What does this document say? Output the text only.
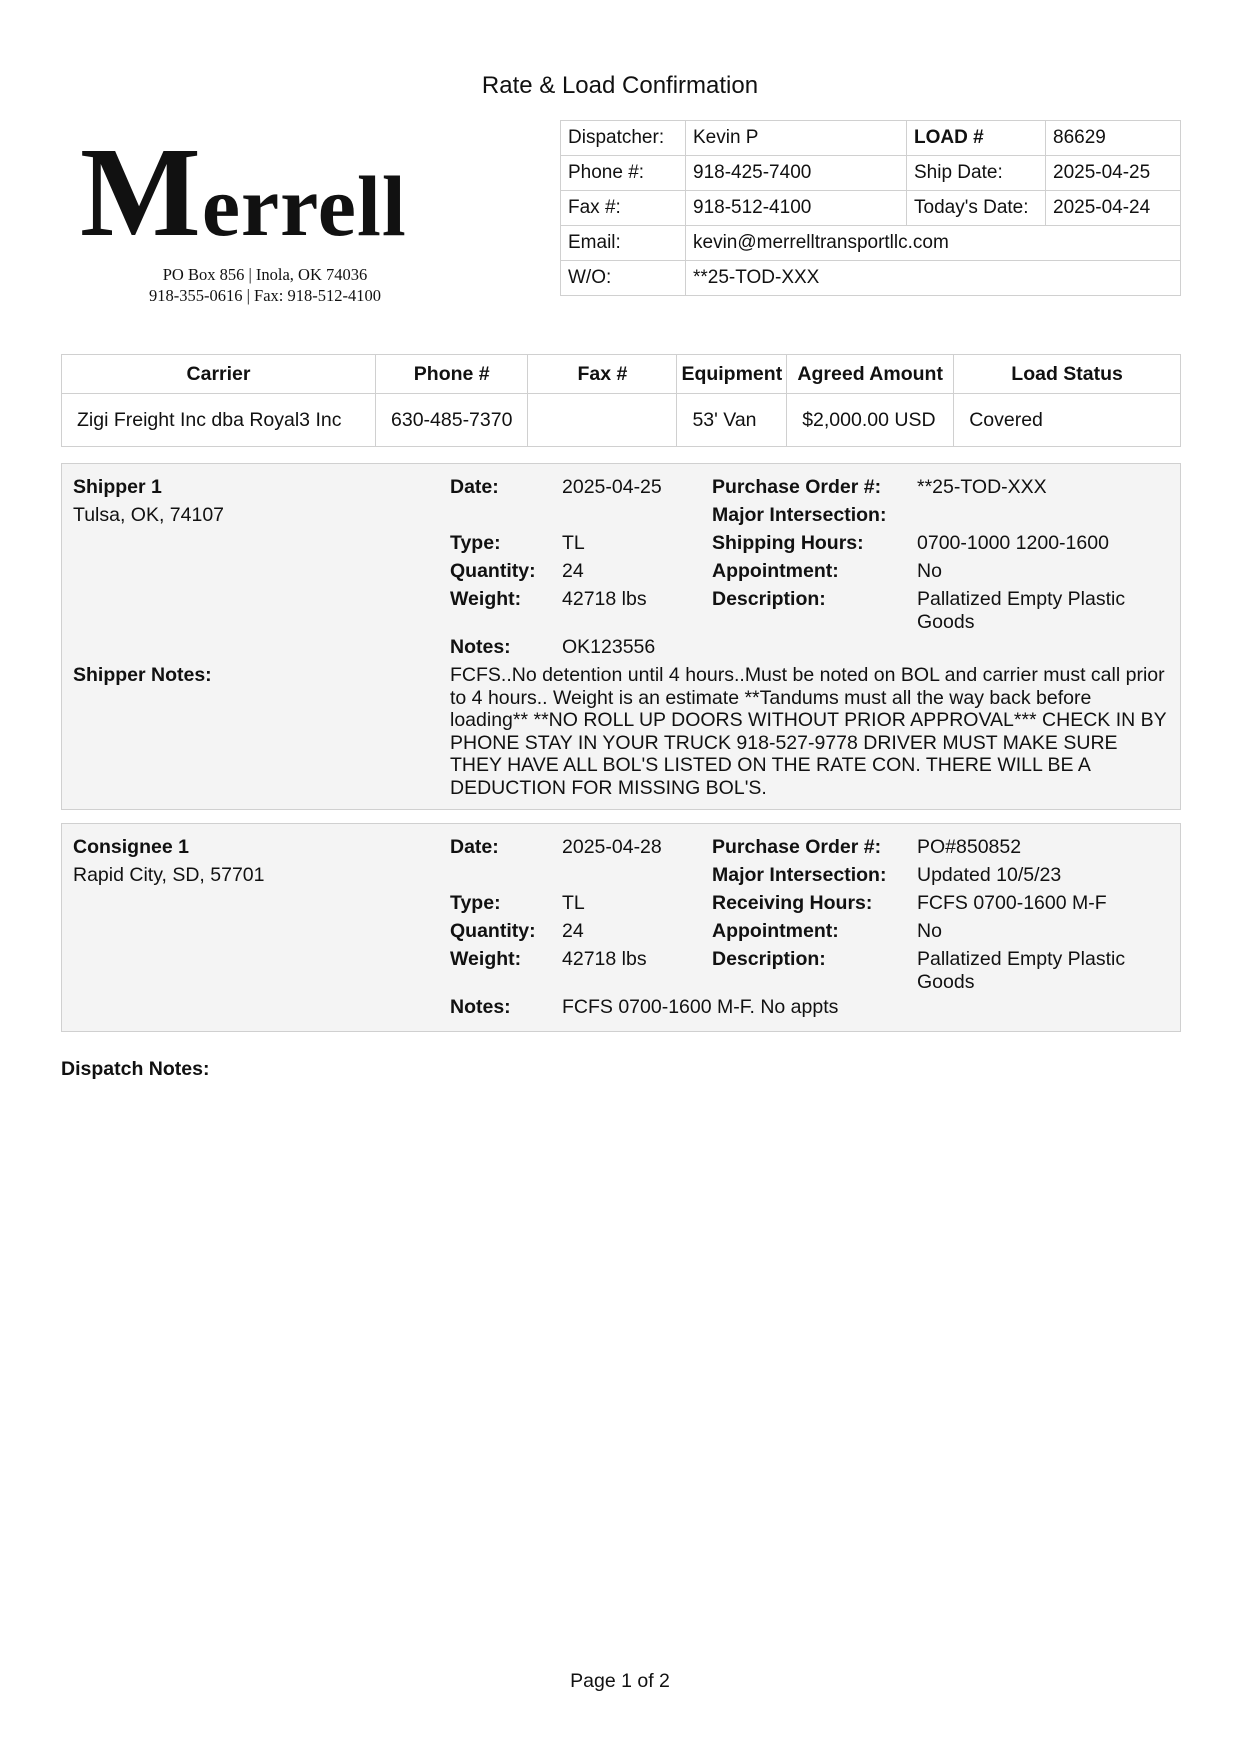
Rate & Load Confirmation
Merrell
PO Box 856 | Inola, OK 74036
918-355-0616 | Fax: 918-512-4100
Dispatcher:	Kevin P	LOAD #	86629
Phone #:	918-425-7400	Ship Date:	2025-04-25
Fax #:	918-512-4100	Today's Date:	2025-04-24
Email:	kevin@merrelltransportllc.com		
W/O:	**25-TOD-XXX		
Carrier	Phone #	Fax #	Equipment	Agreed Amount	Load Status
Zigi Freight Inc dba Royal3 Inc	630-485-7370		53' Van	$2,000.00 USD	Covered
Shipper 1
Tulsa, OK, 74107
Date:	2025-04-25	Purchase Order #: **25-TOD-XXX
Major Intersection:
Type:	TL	Shipping Hours:	0700-1000 1200-1600
Quantity: 24	Appointment:	No
Weight: 42718 lbs	Description:	Pallatized Empty Plastic Goods
Notes:	OK123556
Shipper Notes:	FCFS..No detention until 4 hours..Must be noted on BOL and carrier must call prior to 4 hours.. Weight is an estimate **Tandums must all the way back before loading** **NO ROLL UP DOORS WITHOUT PRIOR APPROVAL*** CHECK IN BY PHONE STAY IN YOUR TRUCK 918-527-9778 DRIVER MUST MAKE SURE THEY HAVE ALL BOL'S LISTED ON THE RATE CON. THERE WILL BE A DEDUCTION FOR MISSING BOL'S.
Consignee 1
Rapid City, SD, 57701
Date:	2025-04-28	Purchase Order #: PO#850852
Major Intersection: Updated 10/5/23
Type:	TL	Receiving Hours: FCFS 0700-1600 M-F
Quantity: 24	Appointment:	No
Weight: 42718 lbs	Description:	Pallatized Empty Plastic Goods
Notes:	FCFS 0700-1600 M-F. No appts
Dispatch Notes:
Page 1 of 2
